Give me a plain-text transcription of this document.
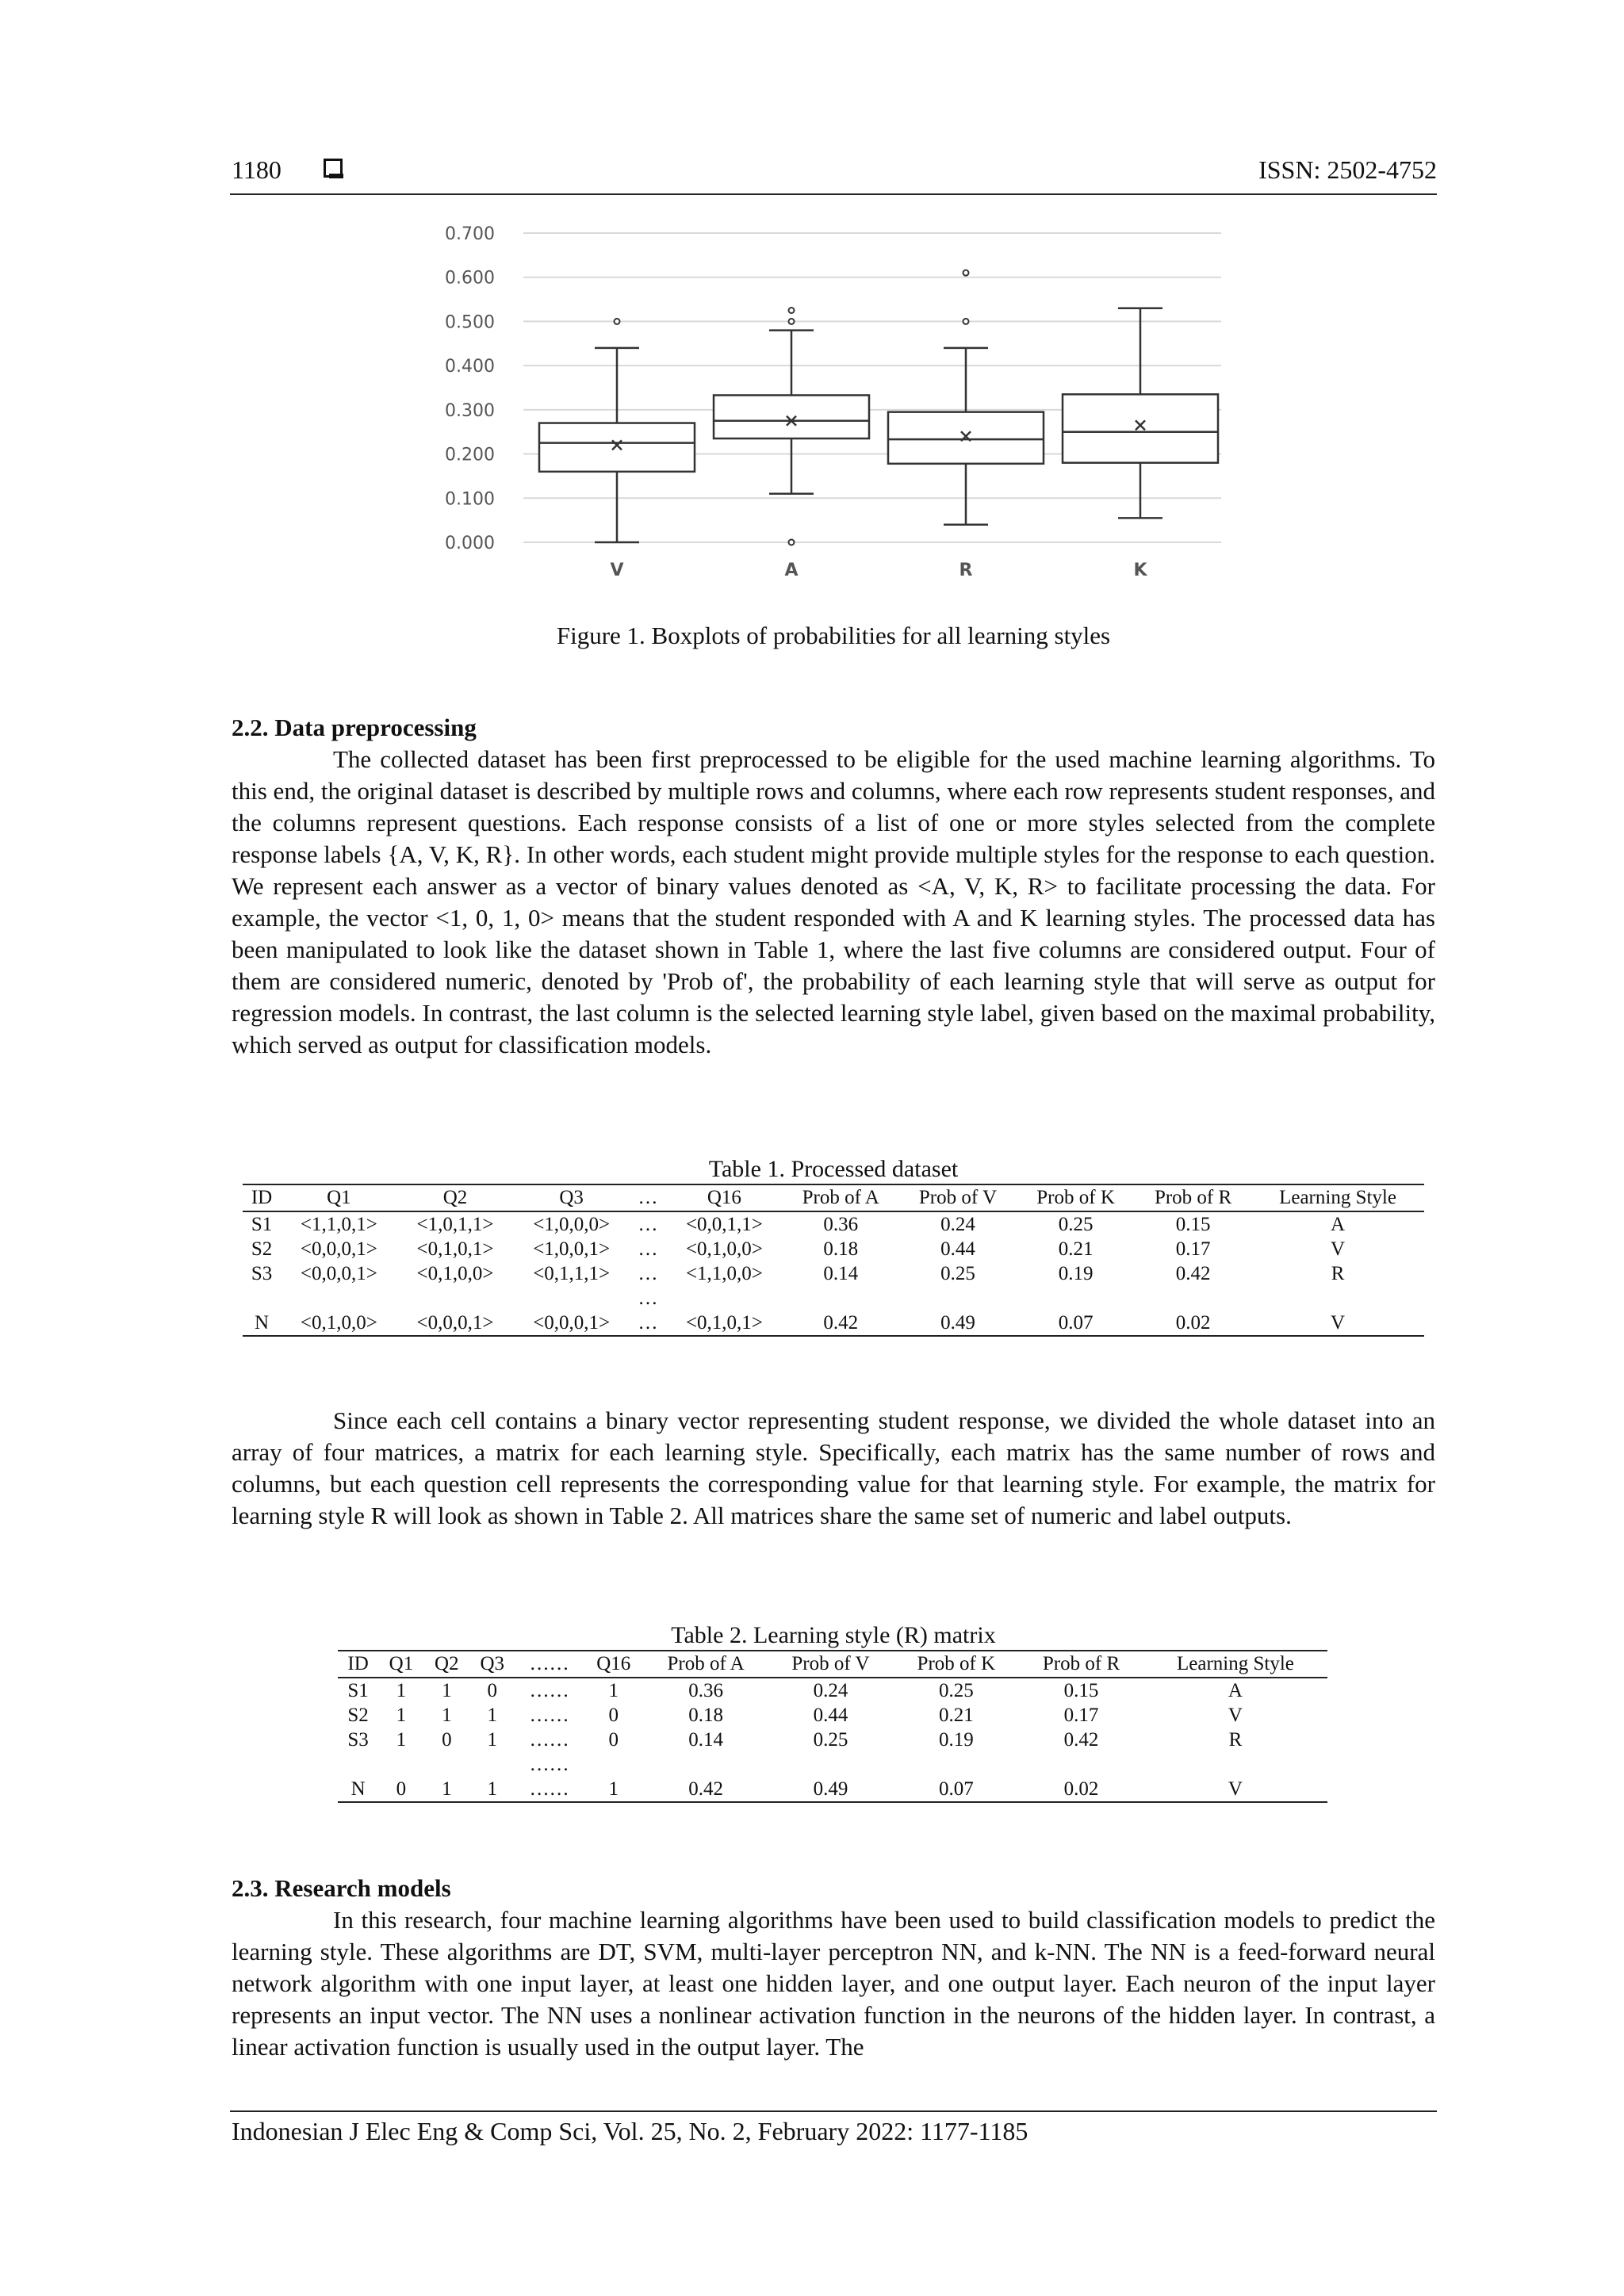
1180	ISSN: 2502-4752
0.700
0.600
0.500
0.400
0.300
0.200
0.100
0.000
V	A	R	K
Figure 1. Boxplots of probabilities for all learning styles
2.2. Data preprocessing

The collected dataset has been first preprocessed to be eligible for the used machine learning algorithms. To this end, the original dataset is described by multiple rows and columns, where each row represents student responses, and the columns represent questions. Each response consists of a list of one or more styles selected from the complete response labels {A, V, K, R}. In other words, each student might provide multiple styles for the response to each question. We represent each answer as a vector of binary values denoted as <A, V, K, R> to facilitate processing the data. For example, the vector <1, 0, 1, 0> means that the student responded with A and K learning styles. The processed data has been manipulated to look like the dataset shown in Table 1, where the last five columns are considered output. Four of them are considered numeric, denoted by 'Prob of', the probability of each learning style that will serve as output for regression models. In contrast, the last column is the selected learning style label, given based on the maximal probability, which served as output for classification models.

Table 1. Processed dataset
ID	Q1	Q2	Q3	…	Q16	Prob of A	Prob of V	Prob of K	Prob of R	Learning Style
S1	<1,1,0,1>	<1,0,1,1>	<1,0,0,0>	…	<0,0,1,1>	0.36	0.24	0.25	0.15	A
S2	<0,0,0,1>	<0,1,0,1>	<1,0,0,1>	…	<0,1,0,0>	0.18	0.44	0.21	0.17	V
S3	<0,0,0,1>	<0,1,0,0>	<0,1,1,1>	…	<1,1,0,0>	0.14	0.25	0.19	0.42	R
				…						
N	<0,1,0,0>	<0,0,0,1>	<0,0,0,1>	…	<0,1,0,1>	0.42	0.49	0.07	0.02	V

Since each cell contains a binary vector representing student response, we divided the whole dataset into an array of four matrices, a matrix for each learning style. Specifically, each matrix has the same number of rows and columns, but each question cell represents the corresponding value for that learning style. For example, the matrix for learning style R will look as shown in Table 2. All matrices share the same set of numeric and label outputs.

Table 2. Learning style (R) matrix
ID	Q1	Q2	Q3	……	Q16	Prob of A	Prob of V	Prob of K	Prob of R	Learning Style
S1	1	1	0	……	1	0.36	0.24	0.25	0.15	A
S2	1	1	1	……	0	0.18	0.44	0.21	0.17	V
S3	1	0	1	……	0	0.14	0.25	0.19	0.42	R
				……						
N	0	1	1	……	1	0.42	0.49	0.07	0.02	V
2.3. Research models

In this research, four machine learning algorithms have been used to build classification models to predict the learning style. These algorithms are DT, SVM, multi-layer perceptron NN, and k-NN. The NN is a feed-forward neural network algorithm with one input layer, at least one hidden layer, and one output layer. Each neuron of the input layer represents an input vector. The NN uses a nonlinear activation function in the neurons of the hidden layer. In contrast, a linear activation function is usually used in the output layer. The

Indonesian J Elec Eng & Comp Sci, Vol. 25, No. 2, February 2022: 1177-1185
